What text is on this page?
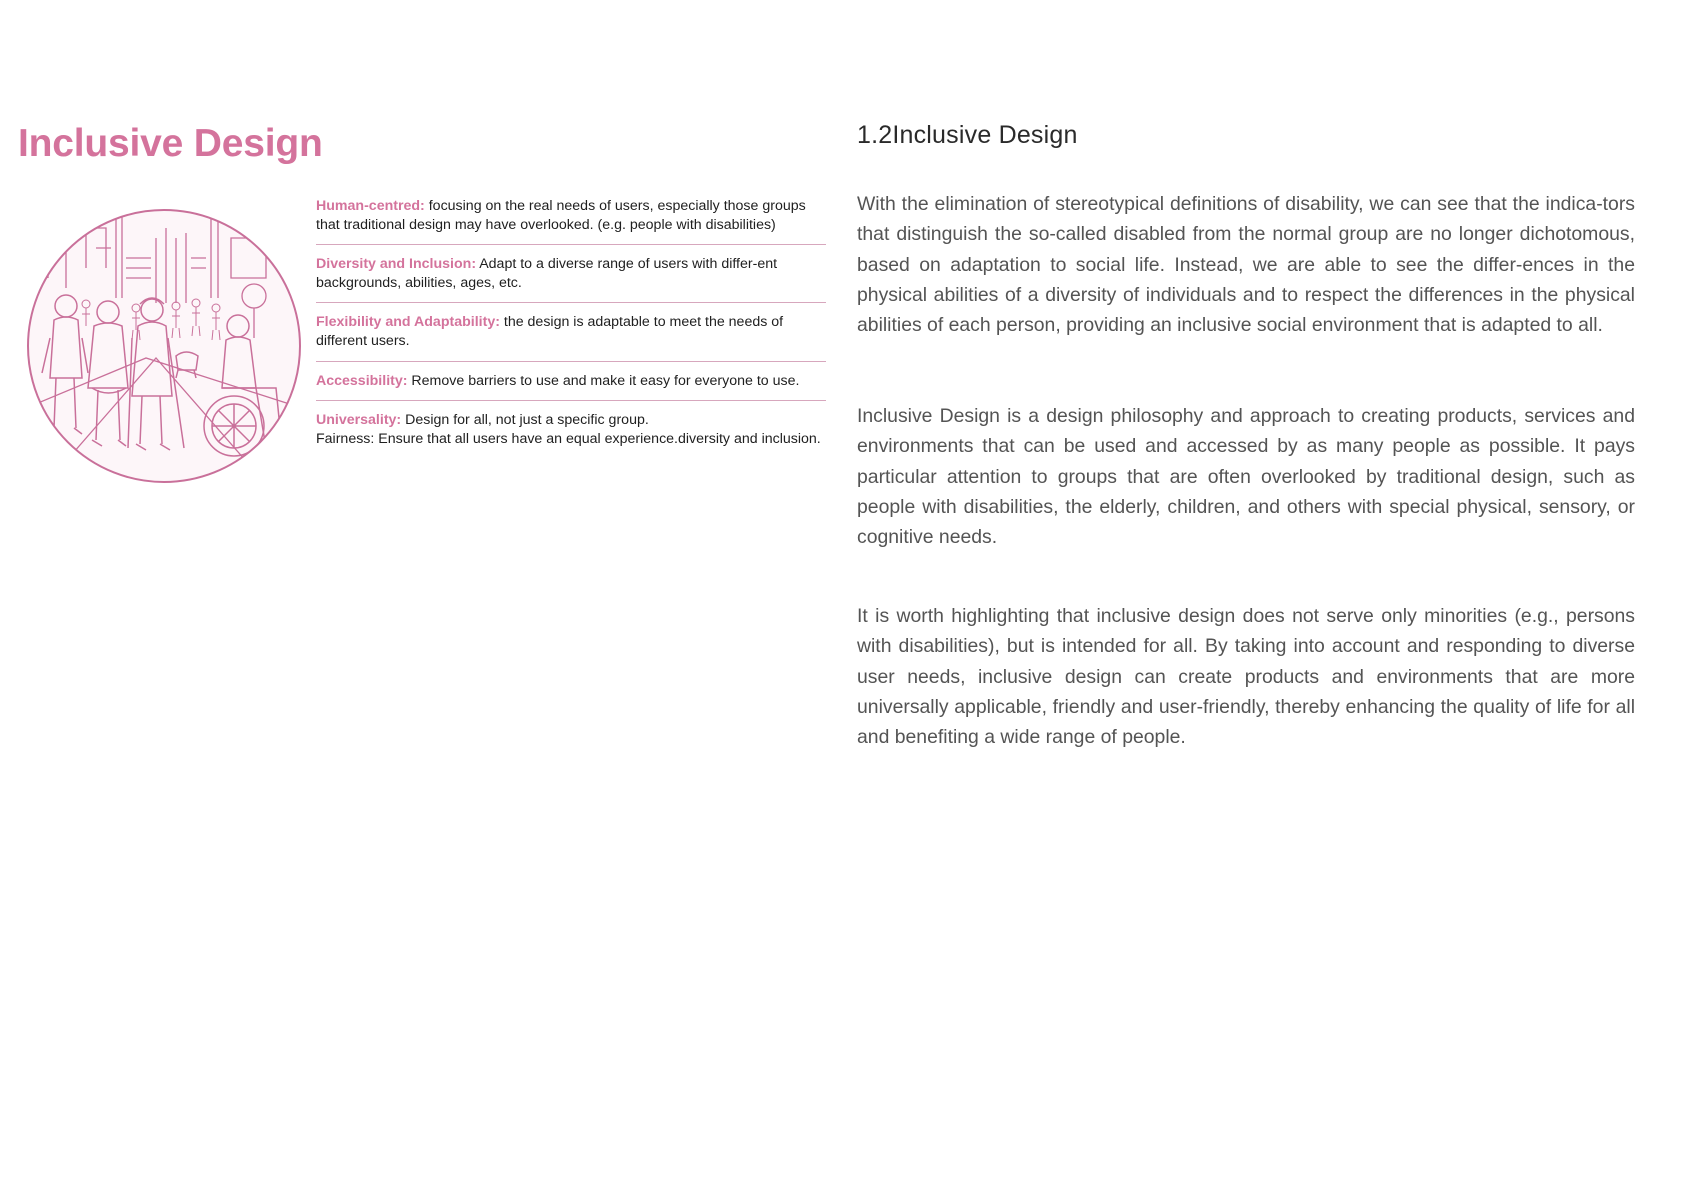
Inclusive Design

Human-centred: focusing on the real needs of users, especially those groups that traditional design may have overlooked. (e.g. people with disabilities)

Diversity and Inclusion: Adapt to a diverse range of users with differ-ent backgrounds, abilities, ages, etc.

Flexibility and Adaptability: the design is adaptable to meet the needs of different users.

Accessibility: Remove barriers to use and make it easy for everyone to use.

Universality: Design for all, not just a specific group.
Fairness: Ensure that all users have an equal experience.diversity and inclusion.

1.2Inclusive Design

With the elimination of stereotypical definitions of disability, we can see that the indica-tors that distinguish the so-called disabled from the normal group are no longer dichotomous, based on adaptation to social life. Instead, we are able to see the differ-ences in the physical abilities of a diversity of individuals and to respect the differences in the physical abilities of each person, providing an inclusive social environment that is adapted to all.

Inclusive Design is a design philosophy and approach to creating products, services and environments that can be used and accessed by as many people as possible. It pays particular attention to groups that are often overlooked by traditional design, such as people with disabilities, the elderly, children, and others with special physical, sensory, or cognitive needs.

It is worth highlighting that inclusive design does not serve only minorities (e.g., persons with disabilities), but is intended for all. By taking into account and responding to diverse user needs, inclusive design can create products and environments that are more universally applicable, friendly and user-friendly, thereby enhancing the quality of life for all and benefiting a wide range of people.
